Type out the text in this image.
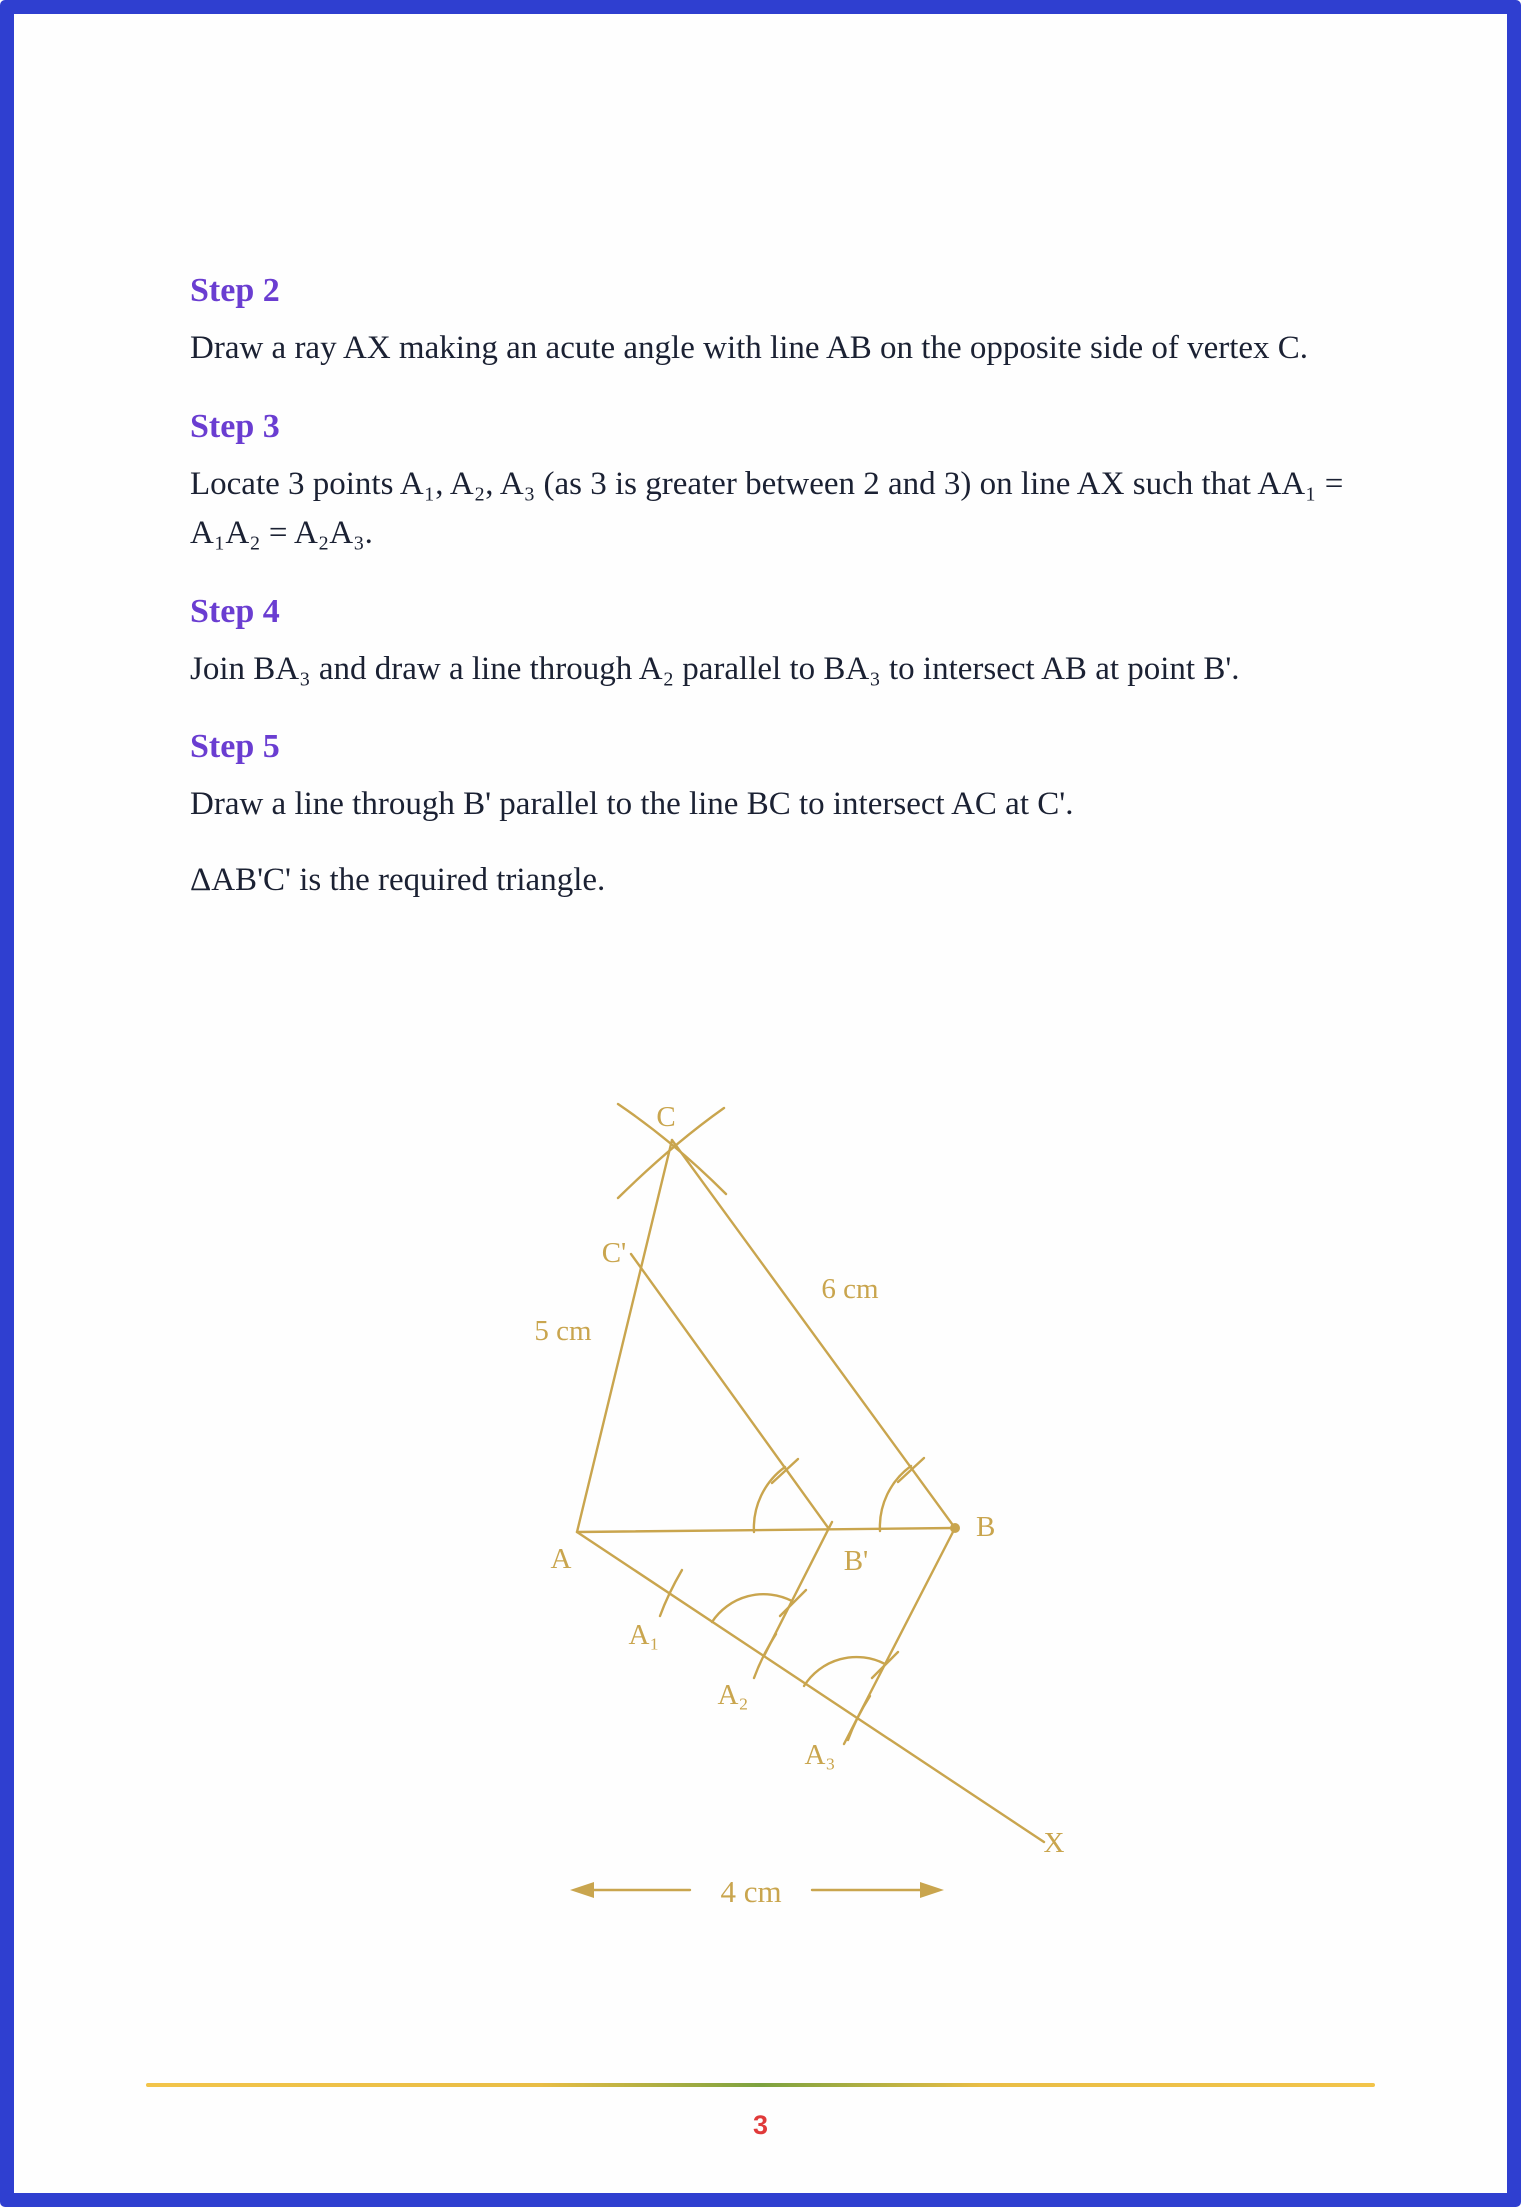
Step 2

Draw a ray AX making an acute angle with line AB on the opposite side of vertex C.

Step 3

Locate 3 points A₁, A₂, A₃ (as 3 is greater between 2 and 3) on line AX such that AA₁ = A₁A₂ = A₂A₃.

Step 4

Join BA₃ and draw a line through A₂ parallel to BA₃ to intersect AB at point B'.

Step 5

Draw a line through B' parallel to the line BC to intersect AC at C'.

ΔAB'C' is the required triangle.

C
C'
5 cm
6 cm
A
B
B'
A₁
A₂
A₃
X
4 cm
3
